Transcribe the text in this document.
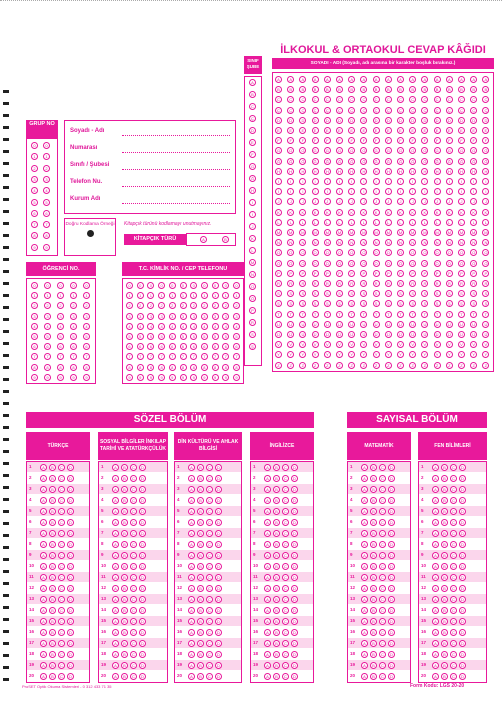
SINIF ŞUBE
İLKOKUL & ORTAOKUL CEVAP KÂĞIDI
SOYADI - ADI (Soyadı, adı arasına bir karakter boşluk bırakınız.)
GRUP NO
Soyadı - Adı
Numarası
Sınıfı / Şubesi
Telefon Nu.
Kurum Adı
Doğru Kodlama Örneği Kitapçık türünü kodlamayı unutmayınız.
KİTAPÇIK TÜRÜ	A	B
ÖĞRENCİ NO.	T.C. KİMLİK NO. / CEP TELEFONU
SÖZEL BÖLÜM	SAYISAL BÖLÜM
TÜRKÇE
1	A	B	C	D
2	A	B	C	D
3	A	B	C	D
4	A	B	C	D
5	A	B	C	D
6	A	B	C	D
7	A	B	C	D
8	A	B	C	D
9	A	B	C	D
10	A	B	C	D
11	A	B	C	D
12	A	B	C	D
13	A	B	C	D
14	A	B	C	D
15	A	B	C	D
16	A	B	C	D
17	A	B	C	D
18	A	B	C	D
19	A	B	C	D
20	A	B	C	D
SOSYAL BİLGİLER İNKILAP TARİHİ VE ATATÜRKÇÜLÜK
1	A	B	C	D
2	A	B	C	D
3	A	B	C	D
4	A	B	C	D
5	A	B	C	D
6	A	B	C	D
7	A	B	C	D
8	A	B	C	D
9	A	B	C	D
10	A	B	C	D
11	A	B	C	D
12	A	B	C	D
13	A	B	C	D
14	A	B	C	D
15	A	B	C	D
16	A	B	C	D
17	A	B	C	D
18	A	B	C	D
19	A	B	C	D
20	A	B	C	D
DİN KÜLTÜRÜ VE AHLAK BİLGİSİ
1	A	B	C	D
2	A	B	C	D
3	A	B	C	D
4	A	B	C	D
5	A	B	C	D
6	A	B	C	D
7	A	B	C	D
8	A	B	C	D
9	A	B	C	D
10	A	B	C	D
11	A	B	C	D
12	A	B	C	D
13	A	B	C	D
14	A	B	C	D
15	A	B	C	D
16	A	B	C	D
17	A	B	C	D
18	A	B	C	D
19	A	B	C	D
20	A	B	C	D
İNGİLİZCE
1	A	B	C	D
2	A	B	C	D
3	A	B	C	D
4	A	B	C	D
5	A	B	C	D
6	A	B	C	D
7	A	B	C	D
8	A	B	C	D
9	A	B	C	D
10	A	B	C	D
11	A	B	C	D
12	A	B	C	D
13	A	B	C	D
14	A	B	C	D
15	A	B	C	D
16	A	B	C	D
17	A	B	C	D
18	A	B	C	D
19	A	B	C	D
20	A	B	C	D
MATEMATİK
1	A	B	C	D
2	A	B	C	D
3	A	B	C	D
4	A	B	C	D
5	A	B	C	D
6	A	B	C	D
7	A	B	C	D
8	A	B	C	D
9	A	B	C	D
10	A	B	C	D
11	A	B	C	D
12	A	B	C	D
13	A	B	C	D
14	A	B	C	D
15	A	B	C	D
16	A	B	C	D
17	A	B	C	D
18	A	B	C	D
19	A	B	C	D
20	A	B	C	D
FEN BİLİMLERİ
1	A	B	C	D
2	A	B	C	D
3	A	B	C	D
4	A	B	C	D
5	A	B	C	D
6	A	B	C	D
7	A	B	C	D
8	A	B	C	D
9	A	B	C	D
10	A	B	C	D
11	A	B	C	D
12	A	B	C	D
13	A	B	C	D
14	A	B	C	D
15	A	B	C	D
16	A	B	C	D
17	A	B	C	D
18	A	B	C	D
19	A	B	C	D
20	A	B	C	D
ProSET Optik Okuma Sistemleri - 0 312 433 71 35	Form Kodu: LGS 20-20
A
B
C
Ç
D
E
F
G
Ğ
H
I
İ
J
K
L
M
N
O
Ö
P
R
S
Ş
A
B
C
Ç
D
E
F
G
Ğ
H
I
İ
J
K
L
M
N
O
Ö
P
R
S
Ş
T
U
Ü
V
Y
Z
A
B
C
Ç
D
E
F
G
Ğ
H
I
İ
J
K
L
M
N
O
Ö
P
R
S
Ş
T
U
Ü
V
Y
Z
A
B
C
Ç
D
E
F
G
Ğ
H
I
İ
J
K
L
M
N
O
Ö
P
R
S
Ş
T
U
Ü
V
Y
Z
A
B
C
Ç
D
E
F
G
Ğ
H
I
İ
J
K
L
M
N
O
Ö
P
R
S
Ş
T
U
Ü
V
Y
Z
A
B
C
Ç
D
E
F
G
Ğ
H
I
İ
J
K
L
M
N
O
Ö
P
R
S
Ş
T
U
Ü
V
Y
Z
A
B
C
Ç
D
E
F
G
Ğ
H
I
İ
J
K
L
M
N
O
Ö
P
R
S
Ş
T
U
Ü
V
Y
Z
A
B
C
Ç
D
E
F
G
Ğ
H
I
İ
J
K
L
M
N
O
Ö
P
R
S
Ş
T
U
Ü
V
Y
Z
A
B
C
Ç
D
E
F
G
Ğ
H
I
İ
J
K
L
M
N
O
Ö
P
R
S
Ş
T
U
Ü
V
Y
Z
A
B
C
Ç
D
E
F
G
Ğ
H
I
İ
J
K
L
M
N
O
Ö
P
R
S
Ş
T
U
Ü
V
Y
Z
A
B
C
Ç
D
E
F
G
Ğ
H
I
İ
J
K
L
M
N
O
Ö
P
R
S
Ş
T
U
Ü
V
Y
Z
A
B
C
Ç
D
E
F
G
Ğ
H
I
İ
J
K
L
M
N
O
Ö
P
R
S
Ş
T
U
Ü
V
Y
Z
A
B
C
Ç
D
E
F
G
Ğ
H
I
İ
J
K
L
M
N
O
Ö
P
R
S
Ş
T
U
Ü
V
Y
Z
A
B
C
Ç
D
E
F
G
Ğ
H
I
İ
J
K
L
M
N
O
Ö
P
R
S
Ş
T
U
Ü
V
Y
Z
A
B
C
Ç
D
E
F
G
Ğ
H
I
İ
J
K
L
M
N
O
Ö
P
R
S
Ş
T
U
Ü
V
Y
Z
A
B
C
Ç
D
E
F
G
Ğ
H
I
İ
J
K
L
M
N
O
Ö
P
R
S
Ş
T
U
Ü
V
Y
Z
A
B
C
Ç
D
E
F
G
Ğ
H
I
İ
J
K
L
M
N
O
Ö
P
R
S
Ş
T
U
Ü
V
Y
Z
A
B
C
Ç
D
E
F
G
Ğ
H
I
İ
J
K
L
M
N
O
Ö
P
R
S
Ş
T
U
Ü
V
Y
Z
A
B
C
Ç
D
E
F
G
Ğ
H
I
İ
J
K
L
M
N
O
Ö
P
R
S
Ş
T
U
Ü
V
Y
Z
0
1
2
3
4
5
6
7
8
9
0
1
2
3
4
5
6
7
8
9
0
1
2
3
4
5
6
7
8
9
0
1
2
3
4
5
6
7
8
9
0
1
2
3
4
5
6
7
8
9
0
1
2
3
4
5
6
7
8
9
0
1
2
3
4
5
6
7
8
9
0
1
2
3
4
5
6
7
8
9
0
1
2
3
4
5
6
7
8
9
0
1
2
3
4
5
6
7
8
9
0
1
2
3
4
5
6
7
8
9
0
1
2
3
4
5
6
7
8
9
0
1
2
3
4
5
6
7
8
9
0
1
2
3
4
5
6
7
8
9
0
1
2
3
4
5
6
7
8
9
0
1
2
3
4
5
6
7
8
9
0
1
2
3
4
5
6
7
8
9
0
1
2
3
4
5
6
7
8
9
